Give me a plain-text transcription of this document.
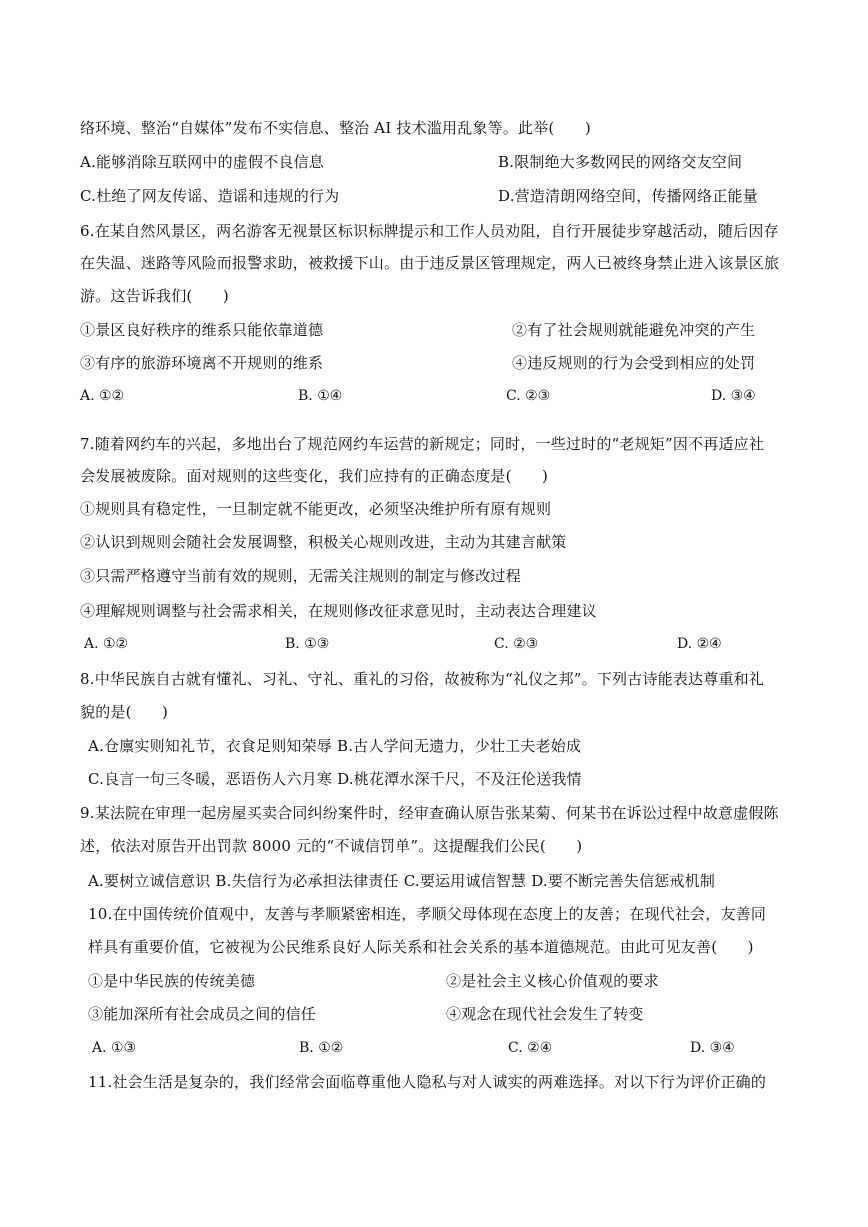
络环境、整治“自媒体”发布不实信息、整治 AI 技术滥用乱象等。此举(　　)
A.能够消除互联网中的虚假不良信息	B.限制绝大多数网民的网络交友空间
C.杜绝了网友传谣、造谣和违规的行为	D.营造清朗网络空间，传播网络正能量
6.在某自然风景区，两名游客无视景区标识标牌提示和工作人员劝阻，自行开展徒步穿越活动，随后因存
在失温、迷路等风险而报警求助，被救援下山。由于违反景区管理规定，两人已被终身禁止进入该景区旅
游。这告诉我们(　　)
①景区良好秩序的维系只能依靠道德	②有了社会规则就能避免冲突的产生
③有序的旅游环境离不开规则的维系	④违反规则的行为会受到相应的处罚
A. ①②	B. ①④	C. ②③	D. ③④
7.随着网约车的兴起，多地出台了规范网约车运营的新规定；同时，一些过时的“老规矩”因不再适应社
会发展被废除。面对规则的这些变化，我们应持有的正确态度是(　　)
①规则具有稳定性，一旦制定就不能更改，必须坚决维护所有原有规则
②认识到规则会随社会发展调整，积极关心规则改进，主动为其建言献策
③只需严格遵守当前有效的规则，无需关注规则的制定与修改过程
④理解规则调整与社会需求相关，在规则修改征求意见时，主动表达合理建议
A. ①②	B. ①③	C. ②③	D. ②④
8.中华民族自古就有懂礼、习礼、守礼、重礼的习俗，故被称为“礼仪之邦”。下列古诗能表达尊重和礼
貌的是(　　)
A.仓廪实则知礼节，衣食足则知荣辱 B.古人学问无遗力，少壮工夫老始成
C.良言一句三冬暖，恶语伤人六月寒 D.桃花潭水深千尺，不及汪伦送我情
9.某法院在审理一起房屋买卖合同纠纷案件时，经审查确认原告张某菊、何某书在诉讼过程中故意虚假陈
述，依法对原告开出罚款 8000 元的“不诚信罚单”。这提醒我们公民(　　)
A.要树立诚信意识 B.失信行为必承担法律责任 C.要运用诚信智慧 D.要不断完善失信惩戒机制
10.在中国传统价值观中，友善与孝顺紧密相连，孝顺父母体现在态度上的友善；在现代社会，友善同
样具有重要价值，它被视为公民维系良好人际关系和社会关系的基本道德规范。由此可见友善(　　)
①是中华民族的传统美德	②是社会主义核心价值观的要求
③能加深所有社会成员之间的信任	④观念在现代社会发生了转变
A. ①③	B. ①②	C. ②④	D. ③④
11.社会生活是复杂的，我们经常会面临尊重他人隐私与对人诚实的两难选择。对以下行为评价正确的
